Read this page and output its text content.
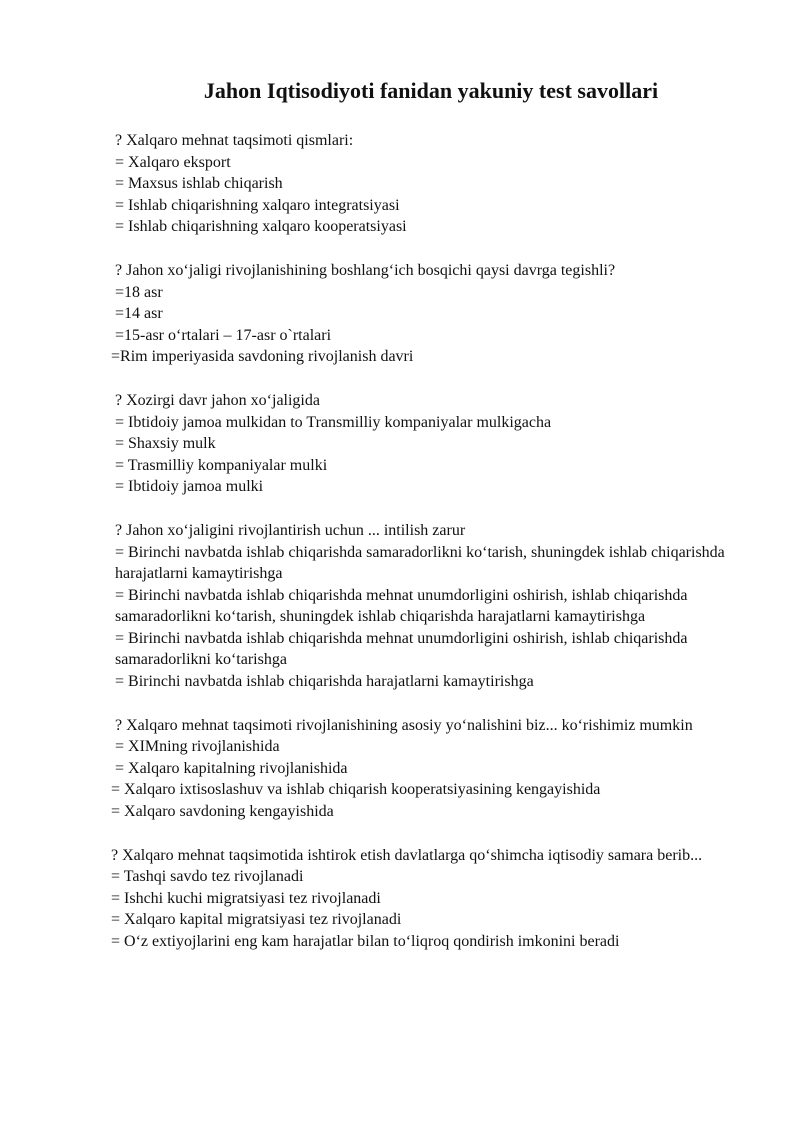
Jahon Iqtisodiyoti fanidan yakuniy test savollari
? Xalqaro mehnat taqsimoti qismlari:
= Xalqaro eksport
= Maxsus ishlab chiqarish
= Ishlab chiqarishning xalqaro integratsiyasi
= Ishlab chiqarishning xalqaro kooperatsiyasi
? Jahon xo‘jaligi rivojlanishining boshlang‘ich bosqichi qaysi davrga tegishli?
=18 asr
=14 asr
=15-asr o‘rtalari – 17-asr o`rtalari
=Rim imperiyasida savdoning rivojlanish davri
? Xozirgi davr jahon xo‘jaligida
= Ibtidoiy jamoa mulkidan to Transmilliy kompaniyalar mulkigacha
= Shaxsiy mulk
= Trasmilliy kompaniyalar mulki
= Ibtidoiy jamoa mulki
? Jahon xo‘jaligini rivojlantirish uchun ... intilish zarur
= Birinchi navbatda ishlab chiqarishda samaradorlikni ko‘tarish, shuningdek ishlab chiqarishda harajatlarni kamaytirishga
= Birinchi navbatda ishlab chiqarishda mehnat unumdorligini oshirish, ishlab chiqarishda samaradorlikni ko‘tarish, shuningdek ishlab chiqarishda harajatlarni kamaytirishga
= Birinchi navbatda ishlab chiqarishda mehnat unumdorligini oshirish, ishlab chiqarishda samaradorlikni ko‘tarishga
= Birinchi navbatda ishlab chiqarishda harajatlarni kamaytirishga
? Xalqaro mehnat taqsimoti rivojlanishining asosiy yo‘nalishini biz... ko‘rishimiz mumkin
= XIMning rivojlanishida
= Xalqaro kapitalning rivojlanishida
= Xalqaro ixtisoslashuv va ishlab chiqarish kooperatsiyasining kengayishida
= Xalqaro savdoning kengayishida
? Xalqaro mehnat taqsimotida ishtirok etish davlatlarga qo‘shimcha iqtisodiy samara berib...
= Tashqi savdo tez rivojlanadi
= Ishchi kuchi migratsiyasi tez rivojlanadi
= Xalqaro kapital migratsiyasi tez rivojlanadi
= O‘z extiyojlarini eng kam harajatlar bilan to‘liqroq qondirish imkonini beradi
